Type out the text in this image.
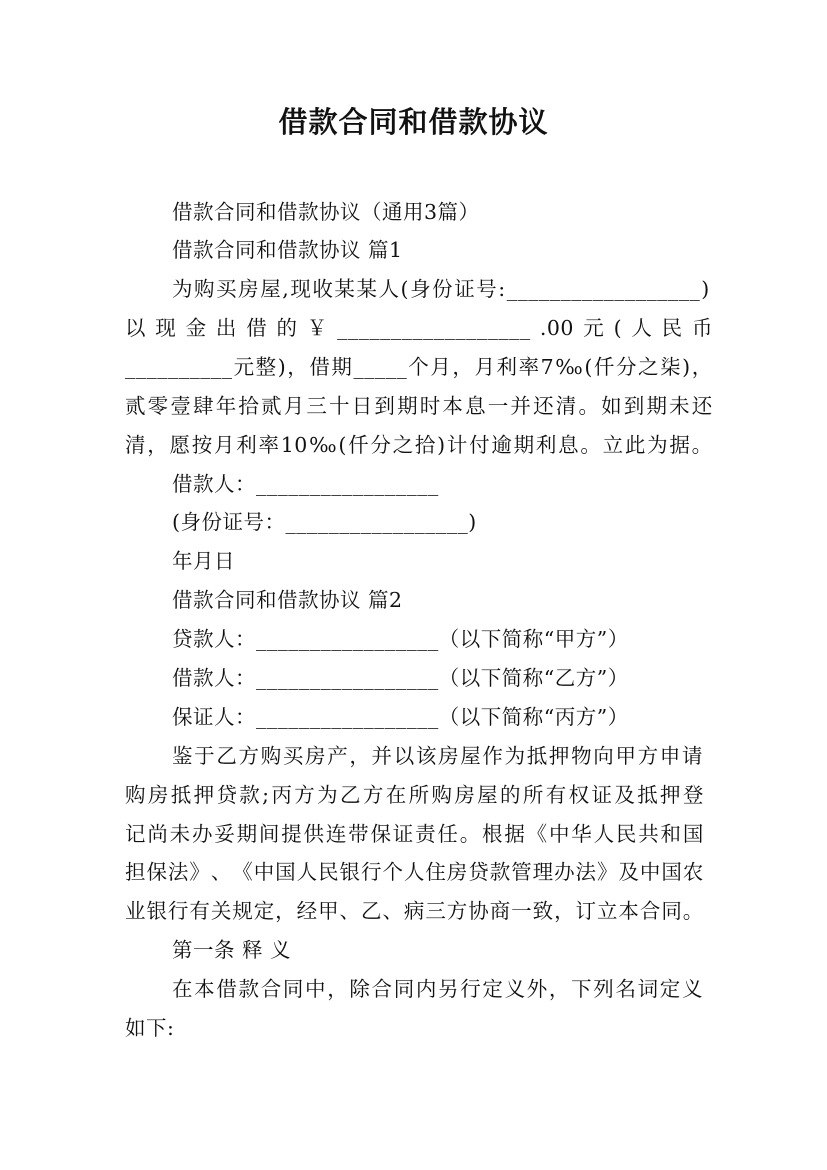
借款合同和借款协议
借款合同和借款协议（通用3篇）
借款合同和借款协议 篇1
为 购 买 房 屋 , 现 收 某 某 人 ( 身 份 证 号 : __________________ )
以 现 金 出 借 的 ￥ __________________ .00 元 ( 人 民 币
__________ 元 整 ) ， 借 期 _____ 个 月 ， 月 利 率 7 ‰ ( 仟 分 之 柒 ) ，
贰 零 壹 肆 年 拾 贰 月 三 十 日 到 期 时 本 息 一 并 还 清 。 如 到 期 未 还
清 ， 愿 按 月 利 率 10 ‰ ( 仟 分 之 拾 ) 计 付 逾 期 利 息 。 立 此 为 据 。
借款人：_________________
(身份证号：_________________)
年月日
借款合同和借款协议 篇2
贷款人：_________________（以下简称“甲方”）
借款人：_________________（以下简称“乙方”）
保证人：_________________（以下简称“丙方”）
鉴 于 乙 方 购 买 房 产 ， 并 以 该 房 屋 作 为 抵 押 物 向 甲 方 申 请
购 房 抵 押 贷 款 ; 丙 方 为 乙 方 在 所 购 房 屋 的 所 有 权 证 及 抵 押 登
记 尚 未 办 妥 期 间 提 供 连 带 保 证 责 任 。 根 据 《 中 华 人 民 共 和 国
担 保 法 》 、 《 中 国 人 民 银 行 个 人 住 房 贷 款 管 理 办 法 》 及 中 国 农
业 银 行 有 关 规 定 ， 经 甲 、 乙 、 病 三 方 协 商 一 致 ， 订 立 本 合 同 。
第一条 释 义
在 本 借 款 合 同 中 ， 除 合 同 内 另 行 定 义 外 ， 下 列 名 词 定 义
如下:
